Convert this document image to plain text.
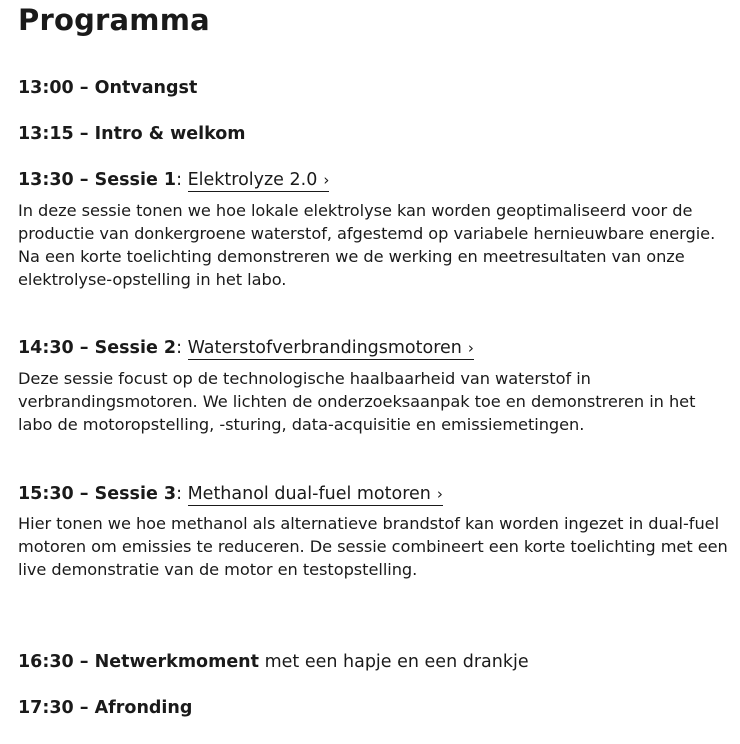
Programma
13:00 – Ontvangst
13:15 – Intro & welkom
13:30 – Sessie 1: Elektrolyze 2.0 ›

In deze sessie tonen we hoe lokale elektrolyse kan worden geoptimaliseerd voor de productie van donkergroene waterstof, afgestemd op variabele hernieuwbare energie. Na een korte toelichting demonstreren we de werking en meetresultaten van onze elektrolyse-opstelling in het labo.

14:30 – Sessie 2: Waterstofverbrandingsmotoren ›

Deze sessie focust op de technologische haalbaarheid van waterstof in verbrandingsmotoren. We lichten de onderzoeksaanpak toe en demonstreren in het labo de motoropstelling, -sturing, data-acquisitie en emissiemetingen.

15:30 – Sessie 3: Methanol dual-fuel motoren ›

Hier tonen we hoe methanol als alternatieve brandstof kan worden ingezet in dual-fuel motoren om emissies te reduceren. De sessie combineert een korte toelichting met een live demonstratie van de motor en testopstelling.

16:30 – Netwerkmoment met een hapje en een drankje
17:30 – Afronding
